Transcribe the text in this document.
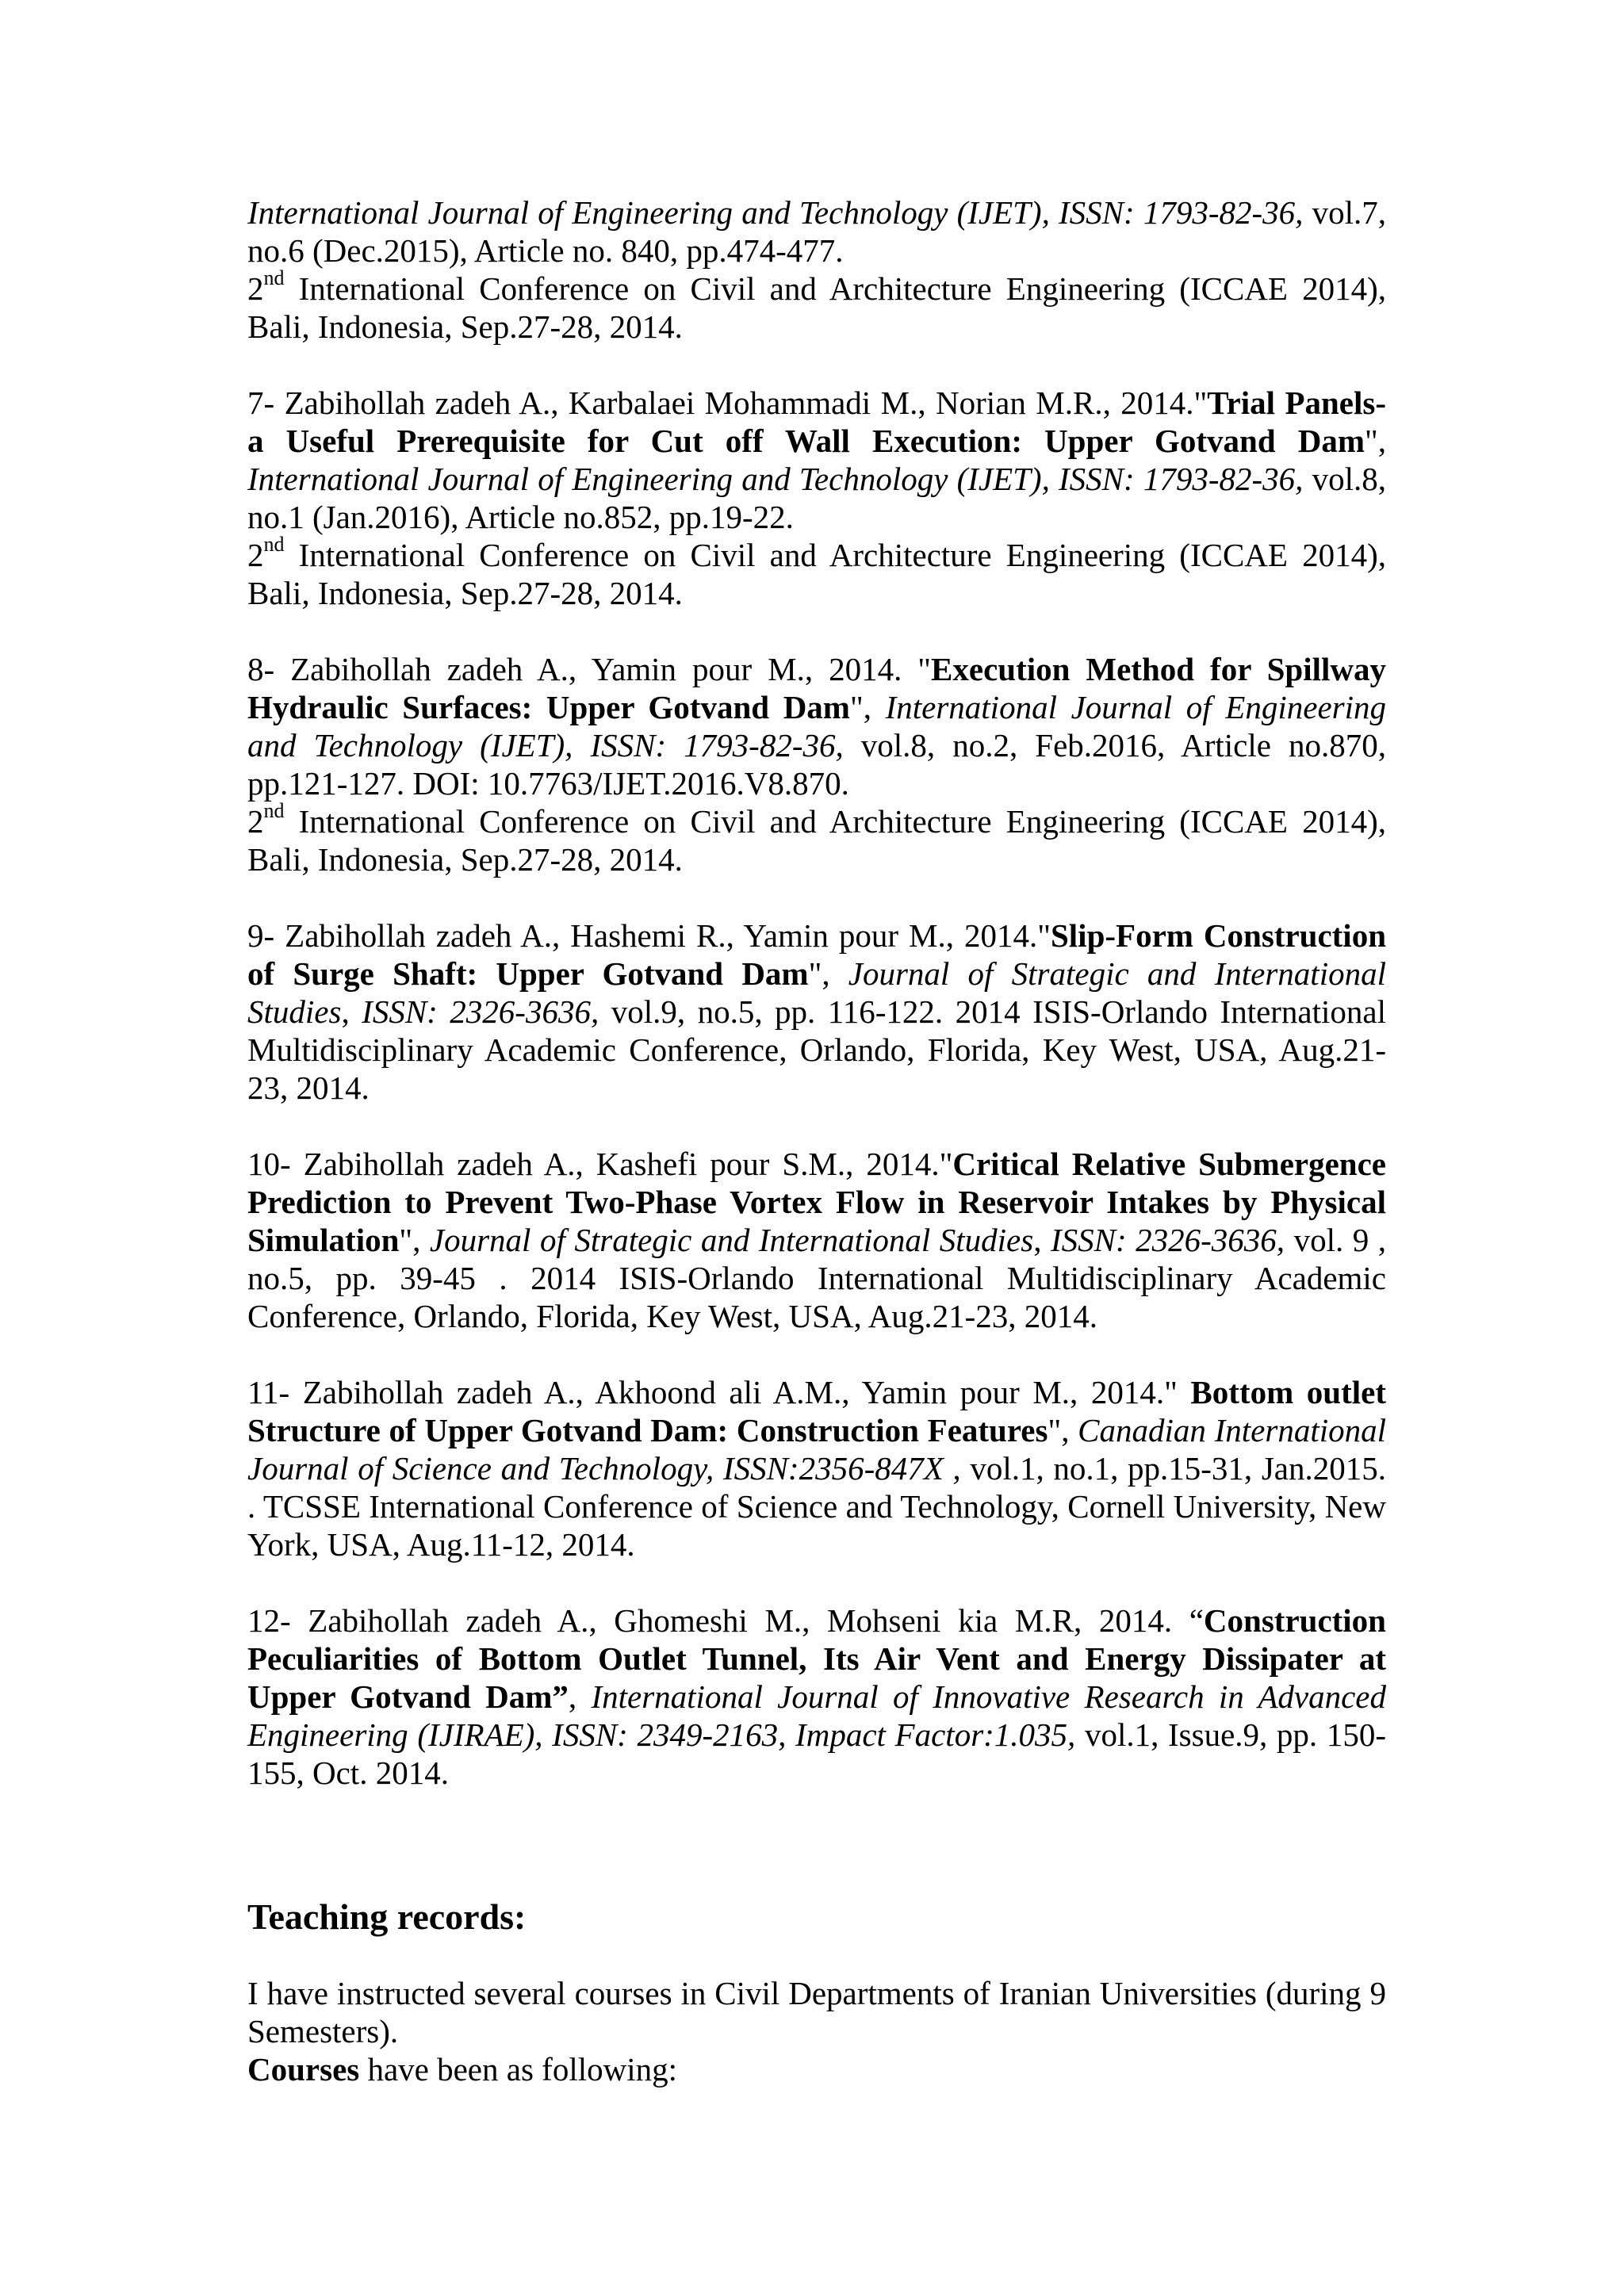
International Journal of Engineering and Technology (IJET), ISSN: 1793-82-36, vol.7, no.6 (Dec.2015), Article no. 840, pp.474-477.

2nd International Conference on Civil and Architecture Engineering (ICCAE 2014), Bali, Indonesia, Sep.27-28, 2014.

7- Zabihollah zadeh A., Karbalaei Mohammadi M., Norian M.R., 2014."Trial Panels- a Useful Prerequisite for Cut off Wall Execution: Upper Gotvand Dam", International Journal of Engineering and Technology (IJET), ISSN: 1793-82-36, vol.8, no.1 (Jan.2016), Article no.852, pp.19-22.

2nd International Conference on Civil and Architecture Engineering (ICCAE 2014), Bali, Indonesia, Sep.27-28, 2014.

8- Zabihollah zadeh A., Yamin pour M., 2014. "Execution Method for Spillway Hydraulic Surfaces: Upper Gotvand Dam", International Journal of Engineering and Technology (IJET), ISSN: 1793-82-36, vol.8, no.2, Feb.2016, Article no.870, pp.121-127. DOI: 10.7763/IJET.2016.V8.870.

2nd International Conference on Civil and Architecture Engineering (ICCAE 2014), Bali, Indonesia, Sep.27-28, 2014.

9- Zabihollah zadeh A., Hashemi R., Yamin pour M., 2014."Slip-Form Construction of Surge Shaft: Upper Gotvand Dam", Journal of Strategic and International Studies, ISSN: 2326-3636, vol.9, no.5, pp. 116-122. 2014 ISIS-Orlando International Multidisciplinary Academic Conference, Orlando, Florida, Key West, USA, Aug.21-23, 2014.

10- Zabihollah zadeh A., Kashefi pour S.M., 2014."Critical Relative Submergence Prediction to Prevent Two-Phase Vortex Flow in Reservoir Intakes by Physical Simulation", Journal of Strategic and International Studies, ISSN: 2326-3636, vol. 9 , no.5, pp. 39-45 . 2014 ISIS-Orlando International Multidisciplinary Academic Conference, Orlando, Florida, Key West, USA, Aug.21-23, 2014.

11- Zabihollah zadeh A., Akhoond ali A.M., Yamin pour M., 2014." Bottom outlet Structure of Upper Gotvand Dam: Construction Features", Canadian International Journal of Science and Technology, ISSN:2356-847X , vol.1, no.1, pp.15-31, Jan.2015. . TCSSE International Conference of Science and Technology, Cornell University, New York, USA, Aug.11-12, 2014.

12- Zabihollah zadeh A., Ghomeshi M., Mohseni kia M.R, 2014. “Construction Peculiarities of Bottom Outlet Tunnel, Its Air Vent and Energy Dissipater at Upper Gotvand Dam”, International Journal of Innovative Research in Advanced Engineering (IJIRAE), ISSN: 2349-2163, Impact Factor:1.035, vol.1, Issue.9, pp. 150-155, Oct. 2014.

Teaching records:

I have instructed several courses in Civil Departments of Iranian Universities (during 9 Semesters).

Courses have been as following:
